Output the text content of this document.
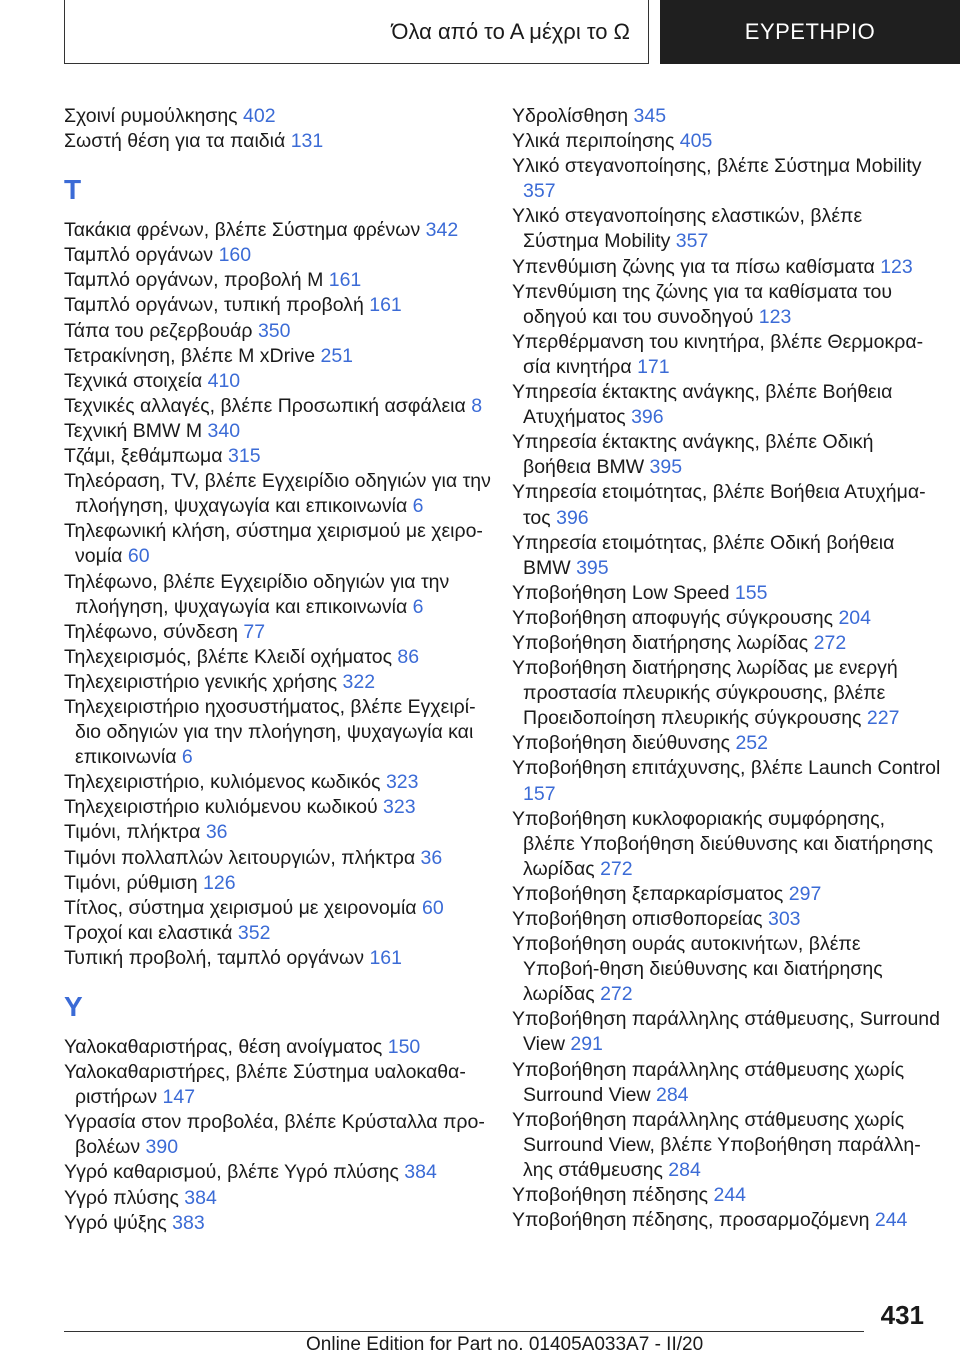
Όλα από το Α μέχρι το Ω	ΕΥΡΕΤΗΡΙΟ

Σχοινί ρυμούλκησης 402

Σωστή θέση για τα παιδιά 131

Τ

Τακάκια φρένων, βλέπε Σύστημα φρένων 342

Ταμπλό οργάνων 160

Ταμπλό οργάνων, προβολή M 161

Ταμπλό οργάνων, τυπική προβολή 161

Τάπα του ρεζερβουάρ 350

Τετρακίνηση, βλέπε M xDrive 251

Τεχνικά στοιχεία 410

Τεχνικές αλλαγές, βλέπε Προσωπική ασφάλεια 8

Τεχνική BMW M 340

Τζάμι, ξεθάμπωμα 315

Τηλεόραση, TV, βλέπε Εγχειρίδιο οδηγιών για την πλοήγηση, ψυχαγωγία και επικοινωνία 6

Τηλεφωνική κλήση, σύστημα χειρισμού με χειρο-νομία 60

Τηλέφωνο, βλέπε Εγχειρίδιο οδηγιών για την πλοήγηση, ψυχαγωγία και επικοινωνία 6

Τηλέφωνο, σύνδεση 77

Τηλεχειρισμός, βλέπε Κλειδί οχήματος 86

Τηλεχειριστήριο γενικής χρήσης 322

Τηλεχειριστήριο ηχοσυστήματος, βλέπε Εγχειρί-διο οδηγιών για την πλοήγηση, ψυχαγωγία και επικοινωνία 6

Τηλεχειριστήριο, κυλιόμενος κωδικός 323

Τηλεχειριστήριο κυλιόμενου κωδικού 323

Τιμόνι, πλήκτρα 36

Τιμόνι πολλαπλών λειτουργιών, πλήκτρα 36

Τιμόνι, ρύθμιση 126

Τίτλος, σύστημα χειρισμού με χειρονομία 60

Τροχοί και ελαστικά 352

Τυπική προβολή, ταμπλό οργάνων 161

Υ

Υαλοκαθαριστήρας, θέση ανοίγματος 150

Υαλοκαθαριστήρες, βλέπε Σύστημα υαλοκαθα-ριστήρων 147

Υγρασία στον προβολέα, βλέπε Κρύσταλλα προ-βολέων 390

Υγρό καθαρισμού, βλέπε Υγρό πλύσης 384

Υγρό πλύσης 384

Υγρό ψύξης 383

Υδρολίσθηση 345

Υλικά περιποίησης 405

Υλικό στεγανοποίησης, βλέπε Σύστημα Mobility 357

Υλικό στεγανοποίησης ελαστικών, βλέπε Σύστημα Mobility 357

Υπενθύμιση ζώνης για τα πίσω καθίσματα 123

Υπενθύμιση της ζώνης για τα καθίσματα του οδηγού και του συνοδηγού 123

Υπερθέρμανση του κινητήρα, βλέπε Θερμοκρα-σία κινητήρα 171

Υπηρεσία έκτακτης ανάγκης, βλέπε Βοήθεια Ατυχήματος 396

Υπηρεσία έκτακτης ανάγκης, βλέπε Οδική βοήθεια BMW 395

Υπηρεσία ετοιμότητας, βλέπε Βοήθεια Ατυχήμα-τος 396

Υπηρεσία ετοιμότητας, βλέπε Οδική βοήθεια BMW 395

Υποβοήθηση Low Speed 155

Υποβοήθηση αποφυγής σύγκρουσης 204

Υποβοήθηση διατήρησης λωρίδας 272

Υποβοήθηση διατήρησης λωρίδας με ενεργή προστασία πλευρικής σύγκρουσης, βλέπε Προειδοποίηση πλευρικής σύγκρουσης 227

Υποβοήθηση διεύθυνσης 252

Υποβοήθηση επιτάχυνσης, βλέπε Launch Control 157

Υποβοήθηση κυκλοφοριακής συμφόρησης, βλέπε Υποβοήθηση διεύθυνσης και διατήρησης λωρίδας 272

Υποβοήθηση ξεπαρκαρίσματος 297

Υποβοήθηση οπισθοπορείας 303

Υποβοήθηση ουράς αυτοκινήτων, βλέπε Υποβοή-θηση διεύθυνσης και διατήρησης λωρίδας 272

Υποβοήθηση παράλληλης στάθμευσης, Surround View 291

Υποβοήθηση παράλληλης στάθμευσης χωρίς Surround View 284

Υποβοήθηση παράλληλης στάθμευσης χωρίς Surround View, βλέπε Υποβοήθηση παράλλη-λης στάθμευσης 284

Υποβοήθηση πέδησης 244

Υποβοήθηση πέδησης, προσαρμοζόμενη 244

431
Online Edition for Part no. 01405A033A7 - II/20
